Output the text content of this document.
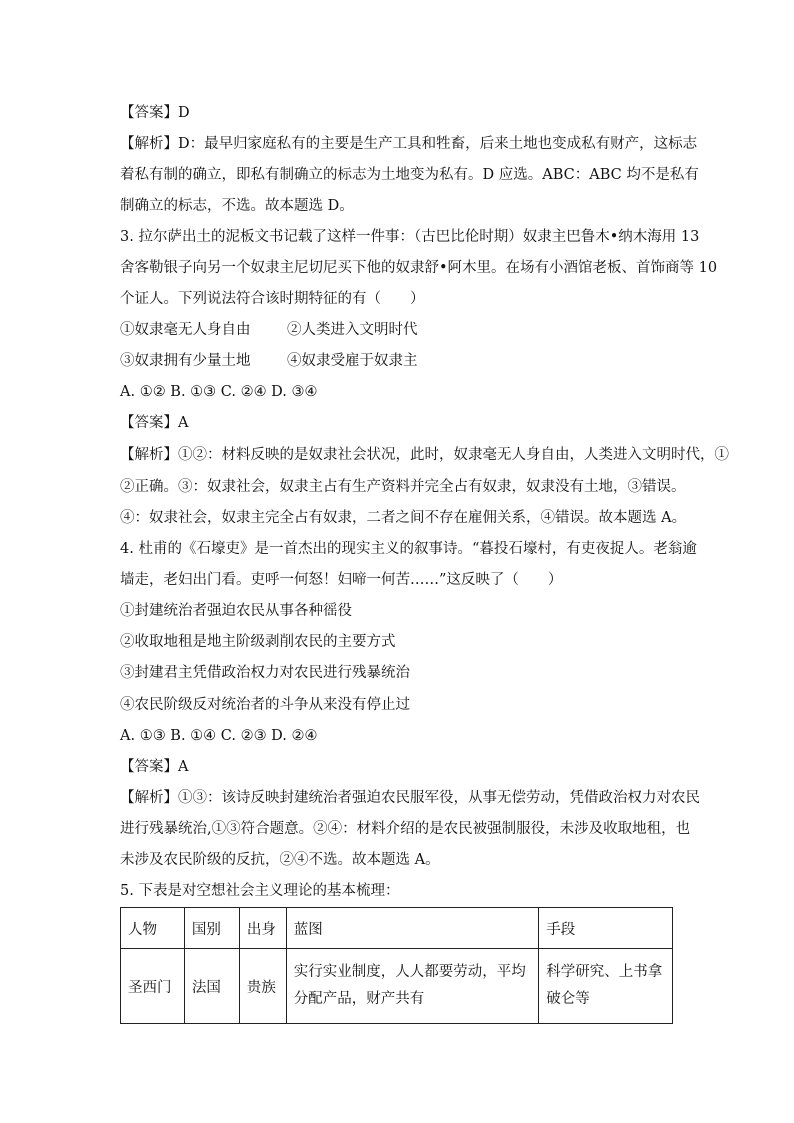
【答案】D
【解析】D：最早归家庭私有的主要是生产工具和牲畜，后来土地也变成私有财产，这标志
着私有制的确立，即私有制确立的标志为土地变为私有。D 应选。ABC：ABC 均不是私有
制确立的标志，不选。故本题选 D。
3. 拉尔萨出土的泥板文书记载了这样一件事：（古巴比伦时期）奴隶主巴鲁木•纳木海用 13
舍客勒银子向另一个奴隶主尼切尼买下他的奴隶舒•阿木里。在场有小酒馆老板、首饰商等 10
个证人。下列说法符合该时期特征的有（　　）
①奴隶毫无人身自由	②人类进入文明时代
③奴隶拥有少量土地	④奴隶受雇于奴隶主
A. ①② B. ①③ C. ②④ D. ③④
【答案】A
【解析】①②：材料反映的是奴隶社会状况，此时，奴隶毫无人身自由，人类进入文明时代，①
②正确。③：奴隶社会，奴隶主占有生产资料并完全占有奴隶，奴隶没有土地，③错误。
④：奴隶社会，奴隶主完全占有奴隶，二者之间不存在雇佣关系，④错误。故本题选 A。
4. 杜甫的《石壕吏》是一首杰出的现实主义的叙事诗。“暮投石壕村，有吏夜捉人。老翁逾
墙走，老妇出门看。吏呼一何怒！妇啼一何苦……”这反映了（　　）
①封建统治者强迫农民从事各种徭役
②收取地租是地主阶级剥削农民的主要方式
③封建君主凭借政治权力对农民进行残暴统治
④农民阶级反对统治者的斗争从来没有停止过
A. ①③ B. ①④ C. ②③ D. ②④
【答案】A
【解析】①③：该诗反映封建统治者强迫农民服军役，从事无偿劳动，凭借政治权力对农民
进行残暴统治,①③符合题意。②④：材料介绍的是农民被强制服役，未涉及收取地租，也
未涉及农民阶级的反抗，②④不选。故本题选 A。
5. 下表是对空想社会主义理论的基本梳理：
人物	国别	出身	蓝图	手段
圣西门	法国	贵族	实行实业制度，人人都要劳动，平均分配产品，财产共有	科学研究、上书拿破仑等
